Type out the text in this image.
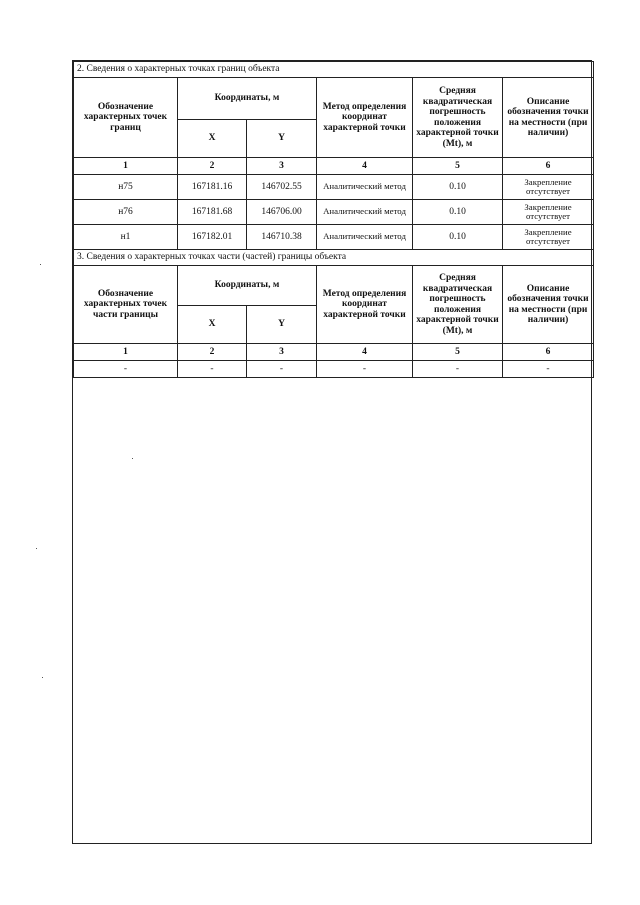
2. Сведения о характерных точках границ объекта					
Обозначение характерных точек границ	Координаты, м		Метод определения координат характерной точки	Средняя квадратическая погрешность положения характерной точки (Mt), м	Описание обозначения точки на местности (при наличии)
	X	Y			
1	2	3	4	5	6
н75	167181.16	146702.55	Аналитический метод	0.10	Закрепление отсутствует
н76	167181.68	146706.00	Аналитический метод	0.10	Закрепление отсутствует
н1	167182.01	146710.38	Аналитический метод	0.10	Закрепление отсутствует
3. Сведения о характерных точках части (частей) границы объекта					
Обозначение характерных точек части границы	Координаты, м		Метод определения координат характерной точки	Средняя квадратическая погрешность положения характерной точки (Mt), м	Описание обозначения точки на местности (при наличии)
	X	Y			
1	2	3	4	5	6
-	-	-	-	-	-
